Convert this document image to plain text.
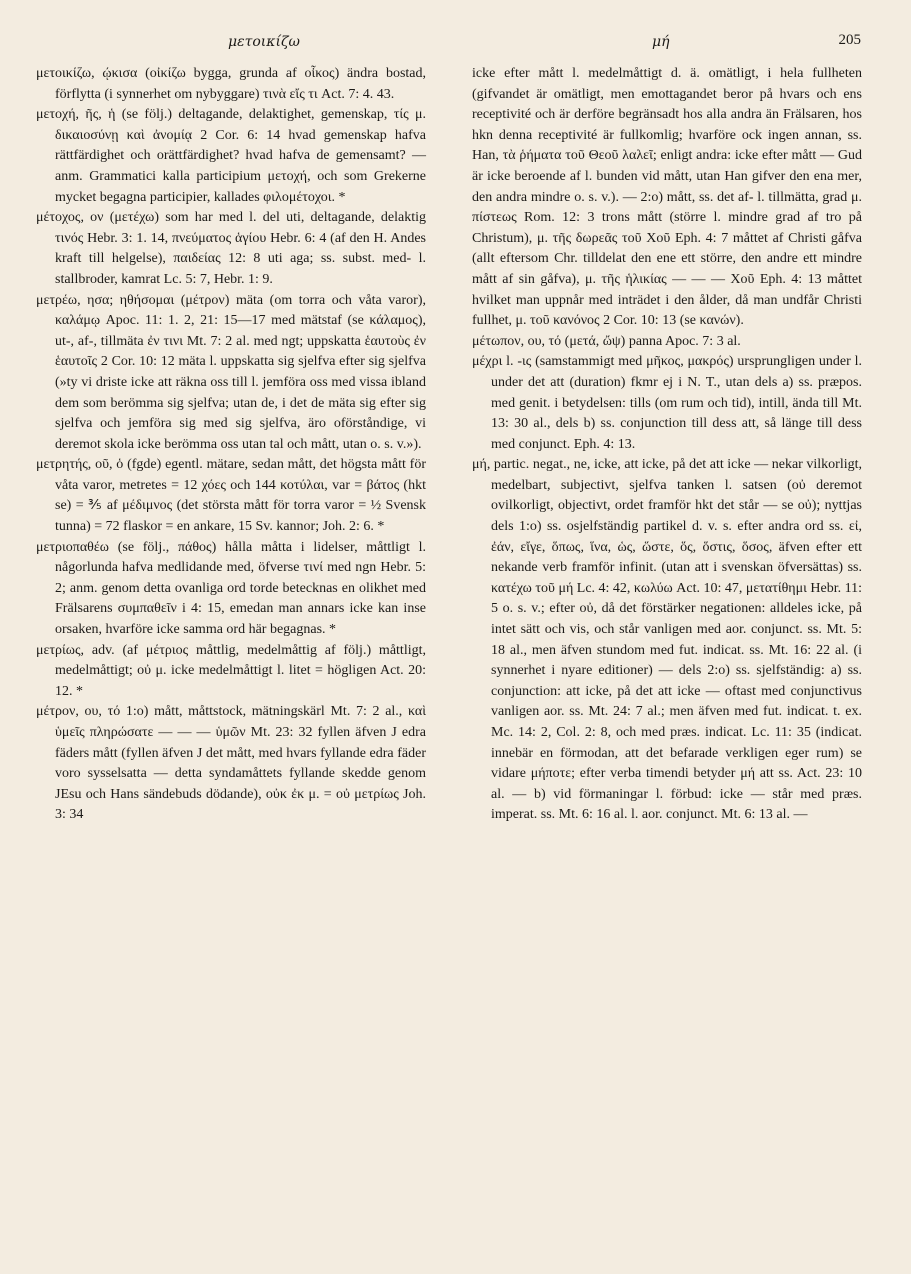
μετοικίζω	μή	205

μετοικίζω, ῴκισα (οἰκίζω bygga, grunda af οἶκος) ändra bostad, förflytta (i synnerhet om nybyggare) τινὰ εἴς τι Act. 7: 4. 43.

μετοχή, ῆς, ἡ (se följ.) deltagande, delaktighet, gemenskap, τίς μ. δικαιοσύνῃ καὶ ἀνομίᾳ 2 Cor. 6: 14 hvad gemenskap hafva rättfärdighet och orättfärdighet? hvad hafva de gemensamt? — anm. Grammatici kalla participium μετοχή, och som Grekerne mycket begagna participier, kallades φιλομέτοχοι. *

μέτοχος, ον (μετέχω) som har med l. del uti, deltagande, delaktig τινός Hebr. 3: 1. 14, πνεύματος ἁγίου Hebr. 6: 4 (af den H. Andes kraft till helgelse), παιδείας 12: 8 uti aga; ss. subst. med- l. stallbroder, kamrat Lc. 5: 7, Hebr. 1: 9.

μετρέω, ησα; ηθήσομαι (μέτρον) mäta (om torra och våta varor), καλάμῳ Apoc. 11: 1. 2, 21: 15—17 med mätstaf (se κάλαμος), ut-, af-, tillmäta ἐν τινι Mt. 7: 2 al. med ngt; uppskatta ἑαυτοὺς ἐν ἑαυτοῖς 2 Cor. 10: 12 mäta l. uppskatta sig sjelfva efter sig sjelfva (»ty vi driste icke att räkna oss till l. jemföra oss med vissa ibland dem som berömma sig sjelfva; utan de, i det de mäta sig efter sig sjelfva och jemföra sig med sig sjelfva, äro oförståndige, vi deremot skola icke berömma oss utan tal och mått, utan o. s. v.»).

μετρητής, οῦ, ὁ (fgde) egentl. mätare, sedan mått, det högsta mått för våta varor, metretes = 12 χόες och 144 κοτύλαι, var = βάτος (hkt se) = ⅗ af μέδιμνος (det största mått för torra varor = ½ Svensk tunna) = 72 flaskor = en ankare, 15 Sv. kannor; Joh. 2: 6. *

μετριοπαθέω (se följ., πάθος) hålla måtta i lidelser, måttligt l. någorlunda hafva medlidande med, öfverse τινί med ngn Hebr. 5: 2; anm. genom detta ovanliga ord torde betecknas en olikhet med Frälsarens συμπαθεῖν i 4: 15, emedan man annars icke kan inse orsaken, hvarföre icke samma ord här begagnas. *

μετρίως, adv. (af μέτριος måttlig, medelmåttig af följ.) måttligt, medelmåttigt; οὐ μ. icke medelmåttigt l. litet = högligen Act. 20: 12. *

μέτρον, ου, τό 1:o) mått, måttstock, mätningskärl Mt. 7: 2 al., καὶ ὑμεῖς πληρώσατε — — — ὑμῶν Mt. 23: 32 fyllen äfven J edra fäders mått (fyllen äfven J det mått, med hvars fyllande edra fäder voro sysselsatta — detta syndamåttets fyllande skedde genom JEsu och Hans sändebuds dödande), οὐκ ἐκ μ. = οὐ μετρίως Joh. 3: 34

icke efter mått l. medelmåttigt d. ä. omätligt, i hela fullheten (gifvandet är omätligt, men emottagandet beror på hvars och ens receptivité och är derföre begränsadt hos alla andra än Frälsaren, hos hkn denna receptivité är fullkomlig; hvarföre ock ingen annan, ss. Han, τὰ ῥήματα τοῦ Θεοῦ λαλεῖ; enligt andra: icke efter mått — Gud är icke beroende af l. bunden vid mått, utan Han gifver den ena mer, den andra mindre o. s. v.). — 2:o) mått, ss. det af- l. tillmätta, grad μ. πίστεως Rom. 12: 3 trons mått (större l. mindre grad af tro på Christum), μ. τῆς δωρεᾶς τοῦ Χοῦ Eph. 4: 7 måttet af Christi gåfva (allt eftersom Chr. tilldelat den ene ett större, den andre ett mindre mått af sin gåfva), μ. τῆς ἡλικίας — — — Χοῦ Eph. 4: 13 måttet hvilket man uppnår med inträdet i den ålder, då man undfår Christi fullhet, μ. τοῦ κανόνος 2 Cor. 10: 13 (se κανών).

μέτωπον, ου, τό (μετά, ὤψ) panna Apoc. 7: 3 al.

μέχρι l. -ις (samstammigt med μῆκος, μακρός) ursprungligen under l. under det att (duration) fkmr ej i N. T., utan dels a) ss. præpos. med genit. i betydelsen: tills (om rum och tid), intill, ända till Mt. 13: 30 al., dels b) ss. conjunction till dess att, så länge till dess med conjunct. Eph. 4: 13.

μή, partic. negat., ne, icke, att icke, på det att icke — nekar vilkorligt, medelbart, subjectivt, sjelfva tanken l. satsen (οὐ deremot ovilkorligt, objectivt, ordet framför hkt det står — se οὐ); nyttjas dels 1:o) ss. osjelfständig partikel d. v. s. efter andra ord ss. εἰ, ἐάν, εἴγε, ὅπως, ἵνα, ὡς, ὥστε, ὅς, ὅστις, ὅσος, äfven efter ett nekande verb framför infinit. (utan att i svenskan öfversättas) ss. κατέχω τοῦ μή Lc. 4: 42, κωλύω Act. 10: 47, μετατίθημι Hebr. 11: 5 o. s. v.; efter οὐ, då det förstärker negationen: alldeles icke, på intet sätt och vis, och står vanligen med aor. conjunct. ss. Mt. 5: 18 al., men äfven stundom med fut. indicat. ss. Mt. 16: 22 al. (i synnerhet i nyare editioner) — dels 2:o) ss. sjelfständig: a) ss. conjunction: att icke, på det att icke — oftast med conjunctivus vanligen aor. ss. Mt. 24: 7 al.; men äfven med fut. indicat. t. ex. Mc. 14: 2, Col. 2: 8, och med præs. indicat. Lc. 11: 35 (indicat. innebär en förmodan, att det befarade verkligen eger rum) se vidare μήποτε; efter verba timendi betyder μή att ss. Act. 23: 10 al. — b) vid förmaningar l. förbud: icke — står med præs. imperat. ss. Mt. 6: 16 al. l. aor. conjunct. Mt. 6: 13 al. —
